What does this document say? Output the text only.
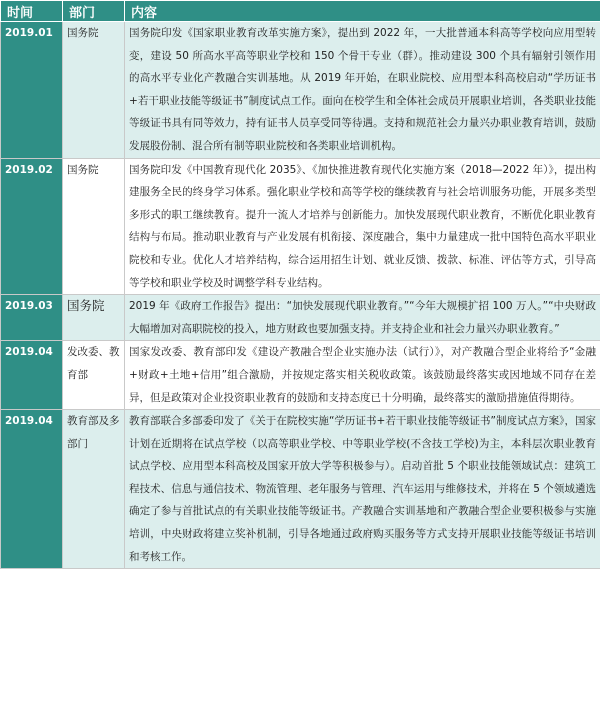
时间	部门	内容
2019.01	国务院	国务院印发《国家职业教育改革实施方案》，提出到 2022 年，一大批普通本科高等学校向应用型转变，建设 50 所高水平高等职业学校和 150 个骨干专业（群）。推动建设 300 个具有辐射引领作用的高水平专业化产教融合实训基地。从 2019 年开始，在职业院校、应用型本科高校启动“学历证书+若干职业技能等级证书”制度试点工作。面向在校学生和全体社会成员开展职业培训，各类职业技能等级证书具有同等效力，持有证书人员享受同等待遇。支持和规范社会力量兴办职业教育培训，鼓励发展股份制、混合所有制等职业院校和各类职业培训机构。
2019.02	国务院	国务院印发《中国教育现代化 2035》、《加快推进教育现代化实施方案（2018—2022 年）》，提出构建服务全民的终身学习体系。强化职业学校和高等学校的继续教育与社会培训服务功能，开展多类型多形式的职工继续教育。提升一流人才培养与创新能力。加快发展现代职业教育，不断优化职业教育结构与布局。推动职业教育与产业发展有机衔接、深度融合，集中力量建成一批中国特色高水平职业院校和专业。优化人才培养结构，综合运用招生计划、就业反馈、拨款、标准、评估等方式，引导高等学校和职业学校及时调整学科专业结构。
2019.03	国务院	2019 年《政府工作报告》提出：“加快发展现代职业教育。”“今年大规模扩招 100 万人。”“中央财政大幅增加对高职院校的投入，地方财政也要加强支持。并支持企业和社会力量兴办职业教育。”
2019.04	发改委、教育部	国家发改委、教育部印发《建设产教融合型企业实施办法（试行）》，对产教融合型企业将给予“金融+财政+土地+信用”组合激励，并按规定落实相关税收政策。该鼓励最终落实或因地域不同存在差异，但是政策对企业投资职业教育的鼓励和支持态度已十分明确，最终落实的激励措施值得期待。
2019.04	教育部及多部门	教育部联合多部委印发了《关于在院校实施“学历证书+若干职业技能等级证书”制度试点方案》，国家计划在近期将在试点学校（以高等职业学校、中等职业学校(不含技工学校)为主，本科层次职业教育试点学校、应用型本科高校及国家开放大学等积极参与）。启动首批 5 个职业技能领域试点：建筑工程技术、信息与通信技术、物流管理、老年服务与管理、汽车运用与维修技术，并将在 5 个领域遴选确定了参与首批试点的有关职业技能等级证书。产教融合实训基地和产教融合型企业要积极参与实施培训，中央财政将建立奖补机制，引导各地通过政府购买服务等方式支持开展职业技能等级证书培训和考核工作。
